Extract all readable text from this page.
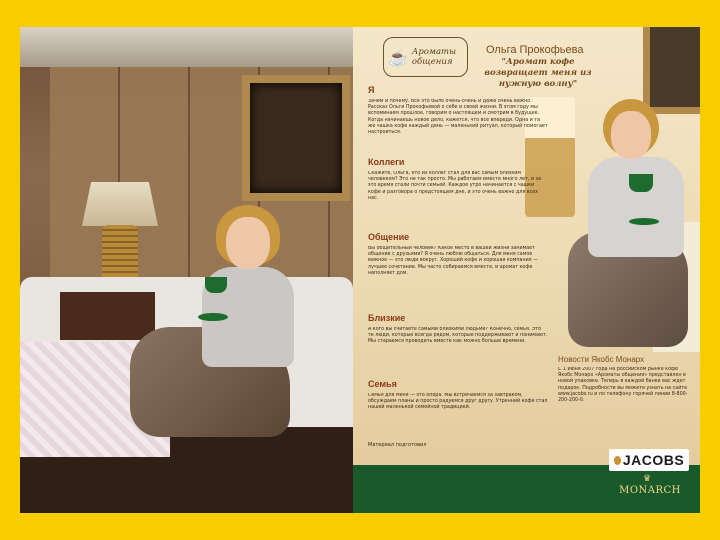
☕ Ароматы общения
Ольга Прокофьева
"Аромат кофе возвращает меня из нужную волну"
Я
Зачем и почему. Все это было очень-очень и даже очень важно. Рассказ Ольги Прокофьевой о себе и своей жизни. В этом году мы вспоминаем прошлое, говорим о настоящем и смотрим в будущее. Когда начинаешь новое дело, кажется, что все впереди. Одна и та же чашка кофе каждый день — маленький ритуал, который помогает настроиться.
Коллеги
Скажите, Ольга, кто из коллег стал для вас самым близким человеком? Это не так просто. Мы работаем вместе много лет, и за это время стали почти семьей. Каждое утро начинается с чашки кофе и разговора о предстоящем дне, и это очень важно для всех нас.
Общение
Вы общительный человек? Какое место в вашей жизни занимает общение с друзьями? Я очень люблю общаться. Для меня самое важное — это люди вокруг. Хороший кофе и хорошая компания — лучшее сочетание. Мы часто собираемся вместе, и аромат кофе наполняет дом.
Близкие
А кого вы считаете самыми близкими людьми? Конечно, семья. Это те люди, которые всегда рядом, которые поддерживают и понимают. Мы стараемся проводить вместе как можно больше времени.
Семья
Семья для меня — это опора. Мы встречаемся за завтраком, обсуждаем планы и просто радуемся друг другу. Утренний кофе стал нашей маленькой семейной традицией.
Материал подготовил
Новости Якобс Монарх
С 1 июня 2007 года на российском рынке кофе Якобс Монарх «Ароматы общения» представлен в новой упаковке. Теперь в каждой банке вас ждет подарок. Подробности вы можете узнать на сайте www.jacobs.ru и по телефону горячей линии 8-800-200-200-0.
JACOBS
♛
MONARCH
